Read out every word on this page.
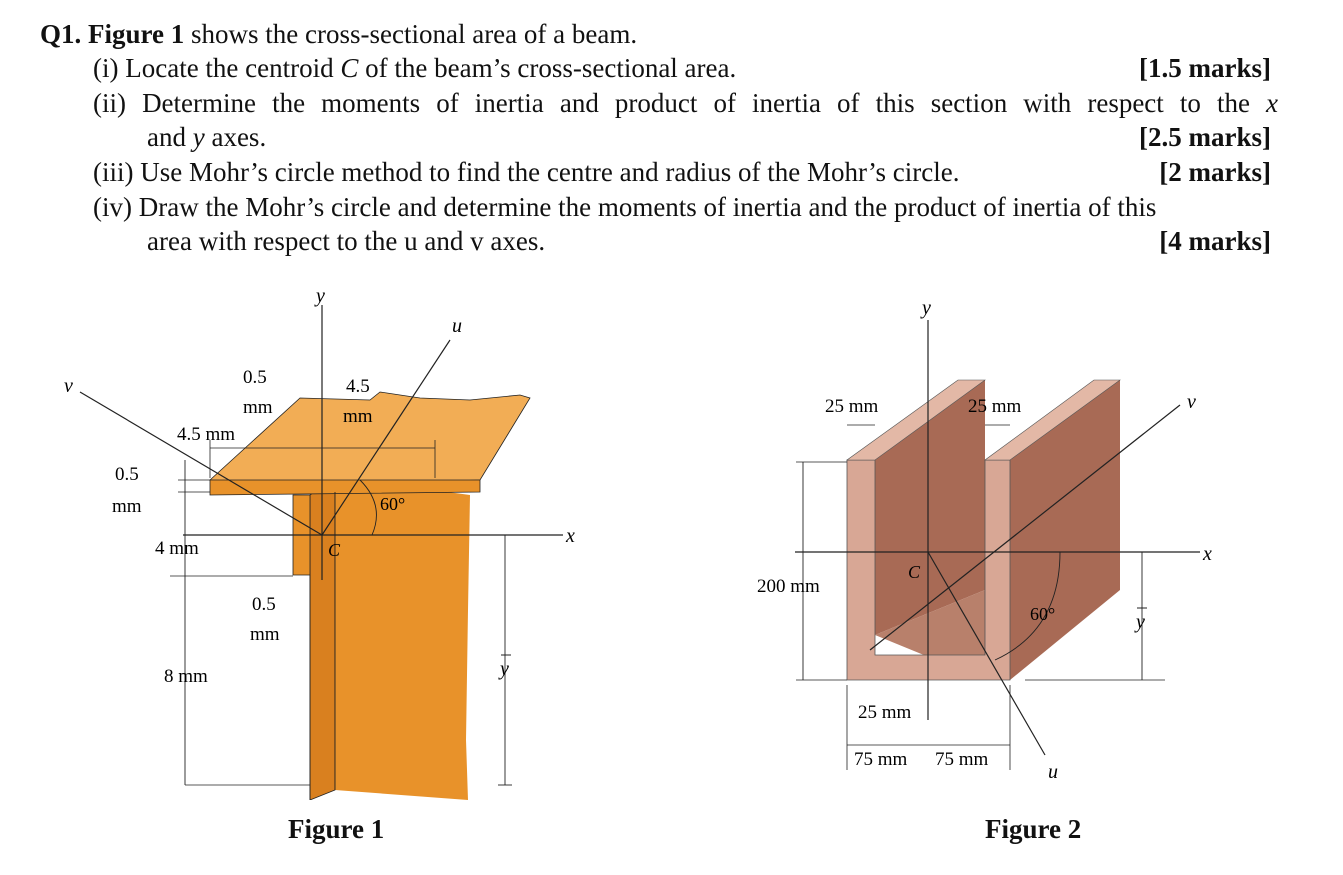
Q1. Figure 1 shows the cross-sectional area of a beam.
(i) Locate the centroid C of the beam’s cross-sectional area.	[1.5 marks]
(ii) Determine the moments of inertia and product of inertia of this section with respect to the x
and y axes.	[2.5 marks]
(iii) Use Mohr’s circle method to find the centre and radius of the Mohr’s circle.	[2 marks]
(iv) Draw the Mohr’s circle and determine the moments of inertia and the product of inertia of this
area with respect to the u and v axes.	[4 marks]
y
u
v
x
C
60°
y
0.5
mm
4.5 mm
4.5
mm
0.5
mm
4 mm
0.5
mm
8 mm
Figure 1
y
x
v
u
C
60°	y
25 mm	25 mm
200 mm
25 mm
75 mm 75 mm
Figure 2
